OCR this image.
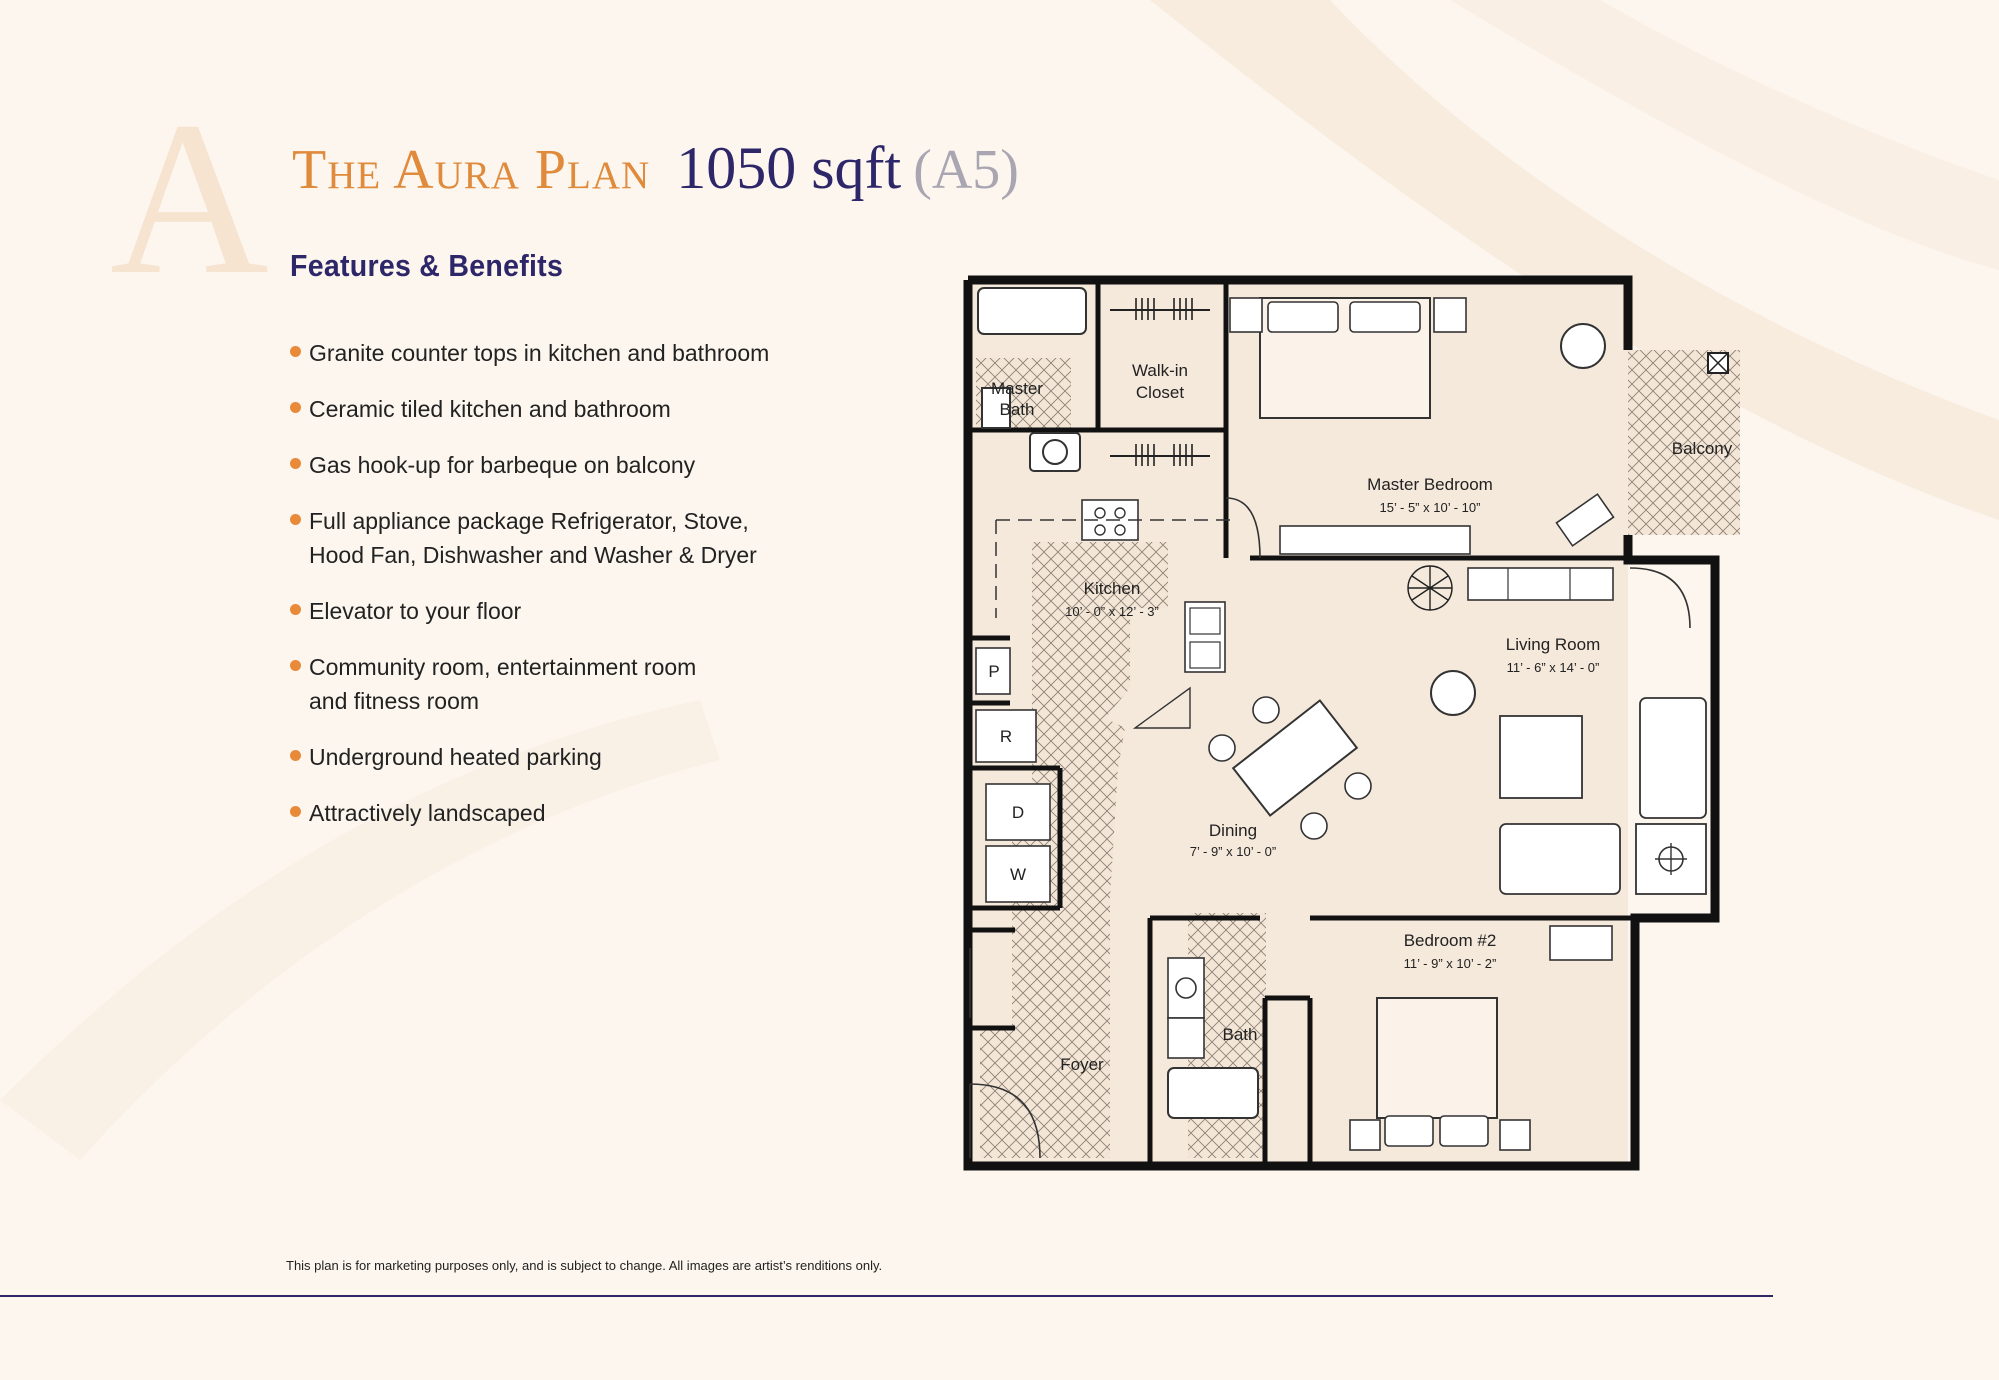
A The Aura Plan 1050 sqft (A5)
Features & Benefits
Granite counter tops in kitchen and bathroom
Ceramic tiled kitchen and bathroom
Gas hook-up for barbeque on balcony
Full appliance package Refrigerator, Stove,
Hood Fan, Dishwasher and Washer & Dryer
Elevator to your floor
Community room, entertainment room
and fitness room
Underground heated parking
Attractively landscaped
Master
Bath
Walk-in
Closet
Master Bedroom
15’ - 5” x 10’ - 10”
Balcony
Kitchen
10’ - 0” x 12’ - 3”
Living Room
11’ - 6” x 14’ - 0”
Dining
7’ - 9” x 10’ - 0”
P
R
D
W
Bedroom #2
11’ - 9” x 10’ - 2”
Bath
Foyer
This plan is for marketing purposes only, and is subject to change. All images are artist’s renditions only.
